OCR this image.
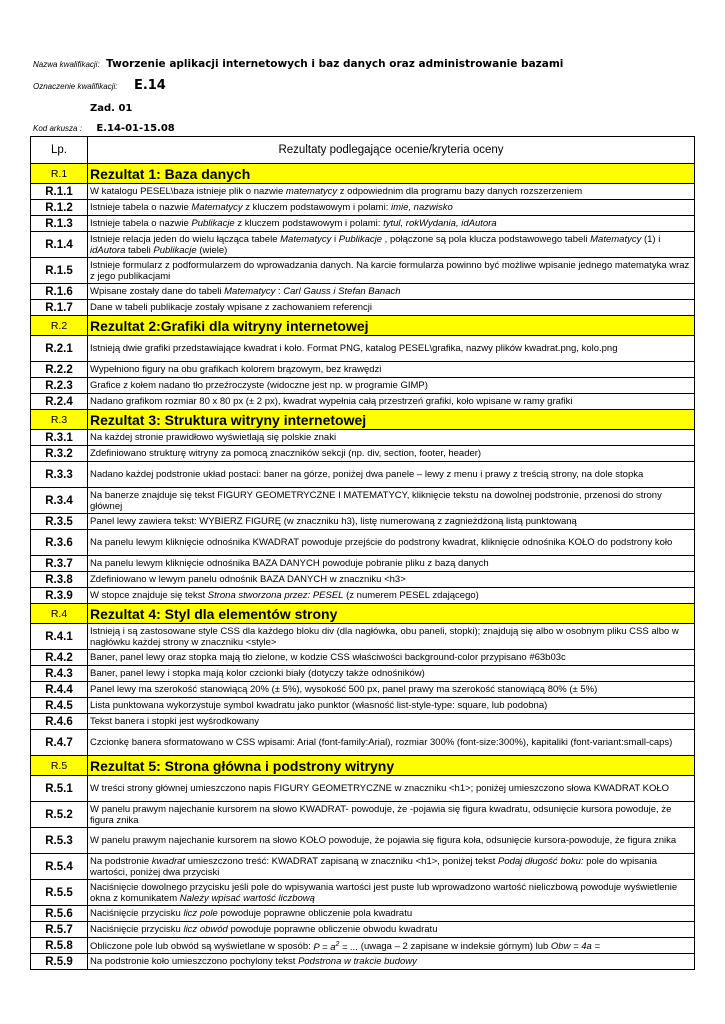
Nazwa kwalifikacji: Tworzenie aplikacji internetowych i baz danych oraz administrowanie bazami
Oznaczenie kwalifikacji: E.14
Zad. 01
Kod arkusza : E.14-01-15.08
Lp.	Rezultaty podlegające ocenie/kryteria oceny
R.1	Rezultat 1: Baza danych
R.1.1	W katalogu PESEL\baza istnieje plik o nazwie matematycy z odpowiednim dla programu bazy danych rozszerzeniem
R.1.2	Istnieje tabela o nazwie Matematycy z kluczem podstawowym i polami: imie, nazwisko
R.1.3	Istnieje tabela o nazwie Publikacje z kluczem podstawowym i polami: tytul, rokWydania, idAutora
R.1.4	Istnieje relacja jeden do wielu łącząca tabele Matematycy i Publikacje , połączone są pola klucza podstawowego tabeli Matematycy (1) i idAutora tabeli Publikacje (wiele)
R.1.5	Istnieje formularz z podformularzem do wprowadzania danych. Na karcie formularza powinno być możliwe wpisanie jednego matematyka wraz z jego publikacjami
R.1.6	Wpisane zostały dane do tabeli Matematycy : Carl Gauss i Stefan Banach
R.1.7	Dane w tabeli publikacje zostały wpisane z zachowaniem referencji
R.2	Rezultat 2:Grafiki dla witryny internetowej
R.2.1	Istnieją dwie grafiki przedstawiające kwadrat i koło. Format PNG, katalog PESEL\grafika, nazwy plików kwadrat.png, kolo.png
R.2.2	Wypełniono figury na obu grafikach kolorem brązowym, bez krawędzi
R.2.3	Grafice z kołem nadano tło przeźroczyste (widoczne jest np. w programie GIMP)
R.2.4	Nadano grafikom rozmiar 80 x 80 px (± 2 px), kwadrat wypełnia całą przestrzeń grafiki, koło wpisane w ramy grafiki
R.3	Rezultat 3: Struktura witryny internetowej
R.3.1	Na każdej stronie prawidłowo wyświetlają się polskie znaki
R.3.2	Zdefiniowano strukturę witryny za pomocą znaczników sekcji (np. div, section, footer, header)
R.3.3	Nadano każdej podstronie układ postaci: baner na górze, poniżej dwa panele – lewy z menu i prawy z treścią strony, na dole stopka
R.3.4	Na banerze znajduje się tekst FIGURY GEOMETRYCZNE I MATEMATYCY, kliknięcie tekstu na dowolnej podstronie, przenosi do strony głównej
R.3.5	Panel lewy zawiera tekst: WYBIERZ FIGURĘ (w znaczniku h3), listę numerowaną z zagnieżdżoną listą punktowaną
R.3.6	Na panelu lewym kliknięcie odnośnika KWADRAT powoduje przejście do podstrony kwadrat, kliknięcie odnośnika KOŁO do podstrony koło
R.3.7	Na panelu lewym kliknięcie odnośnika BAZA DANYCH powoduje pobranie pliku z bazą danych
R.3.8	Zdefiniowano w lewym panelu odnośnik BAZA DANYCH w znaczniku <h3>
R.3.9	W stopce znajduje się tekst Strona stworzona przez: PESEL (z numerem PESEL zdającego)
R.4	Rezultat 4: Styl dla elementów strony
R.4.1	Istnieją i są zastosowane style CSS dla każdego bloku div (dla nagłówka, obu paneli, stopki); znajdują się albo w osobnym pliku CSS albo w nagłówku każdej strony w znaczniku <style>
R.4.2	Baner, panel lewy oraz stopka mają tło zielone, w kodzie CSS właściwości background-color przypisano #63b03c
R.4.3	Baner, panel lewy i stopka mają kolor czcionki biały (dotyczy także odnośników)
R.4.4	Panel lewy ma szerokość stanowiącą 20% (± 5%), wysokość 500 px, panel prawy ma szerokość stanowiącą 80% (± 5%)
R.4.5	Lista punktowana wykorzystuje symbol kwadratu jako punktor (własność list-style-type: square, lub podobna)
R.4.6	Tekst banera i stopki jest wyśrodkowany
R.4.7	Czcionkę banera sformatowano w CSS wpisami: Arial (font-family:Arial), rozmiar 300% (font-size:300%), kapitaliki (font-variant:small-caps)
R.5	Rezultat 5: Strona główna i podstrony witryny
R.5.1	W treści strony głównej umieszczono napis FIGURY GEOMETRYCZNE w znaczniku <h1>; poniżej umieszczono słowa KWADRAT KOŁO
R.5.2	W panelu prawym najechanie kursorem na słowo KWADRAT- powoduje, że -pojawia się figura kwadratu, odsunięcie kursora powoduje, że figura znika
R.5.3	W panelu prawym najechanie kursorem na słowo KOŁO powoduje, że pojawia się figura koła, odsunięcie kursora-powoduje, że figura znika
R.5.4	Na podstronie kwadrat umieszczono treść: KWADRAT zapisaną w znaczniku <h1>, poniżej tekst Podaj długość boku: pole do wpisania wartości, poniżej dwa przyciski
R.5.5	Naciśnięcie dowolnego przycisku jeśli pole do wpisywania wartości jest puste lub wprowadzono wartość nieliczbową powoduje wyświetlenie okna z komunikatem Należy wpisać wartość liczbową
R.5.6	Naciśnięcie przycisku licz pole powoduje poprawne obliczenie pola kwadratu
R.5.7	Naciśnięcie przycisku licz obwód powoduje poprawne obliczenie obwodu kwadratu
R.5.8	Obliczone pole lub obwód są wyświetlane w sposób: $P = a^2$ = ... (uwaga – 2 zapisane w indeksie górnym) lub Obw = 4a =
R.5.9	Na podstronie koło umieszczono pochylony tekst Podstrona w trakcie budowy
